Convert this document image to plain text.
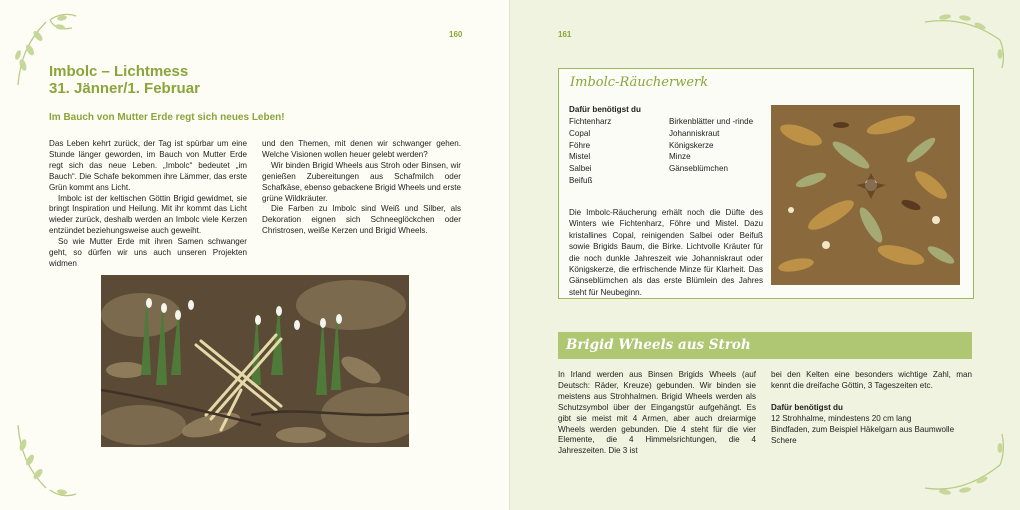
160
Imbolc – Lichtmess
31. Jänner/1. Februar
Im Bauch von Mutter Erde regt sich neues Leben!

Das Leben kehrt zurück, der Tag ist spürbar um eine Stunde länger geworden, im Bauch von Mutter Erde regt sich das neue Leben. „Imbolc“ bedeutet „im Bauch“. Die Schafe bekommen ihre Lämmer, das erste Grün kommt ans Licht.

Imbolc ist der keltischen Göttin Brigid gewidmet, sie bringt Inspiration und Heilung. Mit ihr kommt das Licht wieder zurück, deshalb werden an Imbolc viele Kerzen entzündet beziehungsweise auch geweiht.

So wie Mutter Erde mit ihren Samen schwanger geht, so dürfen wir uns auch unseren Projekten widmen

und den Themen, mit denen wir schwanger gehen. Welche Visionen wollen heuer gelebt werden?

Wir binden Brigid Wheels aus Stroh oder Binsen, wir genießen Zubereitungen aus Schafmilch oder Schafkäse, ebenso gebackene Brigid Wheels und erste grüne Wildkräuter.

Die Farben zu Imbolc sind Weiß und Silber, als Dekoration eignen sich Schneeglöckchen oder Christrosen, weiße Kerzen und Brigid Wheels.

161
Imbolc-Räucherwerk
Dafür benötigst du
Fichtenharz
Copal
Föhre
Mistel
Salbei
Beifuß
Birkenblätter und -rinde
Johanniskraut
Königskerze
Minze
Gänseblümchen

Die Imbolc-Räucherung erhält noch die Düfte des Winters wie Fichtenharz, Föhre und Mistel. Dazu kristallines Copal, reinigenden Salbei oder Beifuß sowie Brigids Baum, die Birke. Lichtvolle Kräuter für die noch dunkle Jahreszeit wie Johanniskraut oder Königskerze, die erfrischende Minze für Klarheit. Das Gänseblümchen als das erste Blümlein des Jahres steht für Neubeginn.

Brigid Wheels aus Stroh

In Irland werden aus Binsen Brigids Wheels (auf Deutsch: Räder, Kreuze) gebunden. Wir binden sie meistens aus Strohhalmen. Brigid Wheels werden als Schutzsymbol über der Eingangstür aufgehängt. Es gibt sie meist mit 4 Armen, aber auch dreiarmige Wheels werden gebunden. Die 4 steht für die vier Elemente, die 4 Himmelsrichtungen, die 4 Jahreszeiten. Die 3 ist

bei den Kelten eine besonders wichtige Zahl, man kennt die dreifache Göttin, 3 Tageszeiten etc.

Dafür benötigst du

12 Strohhalme, mindestens 20 cm lang

Bindfaden, zum Beispiel Häkelgarn aus Baumwolle

Schere
